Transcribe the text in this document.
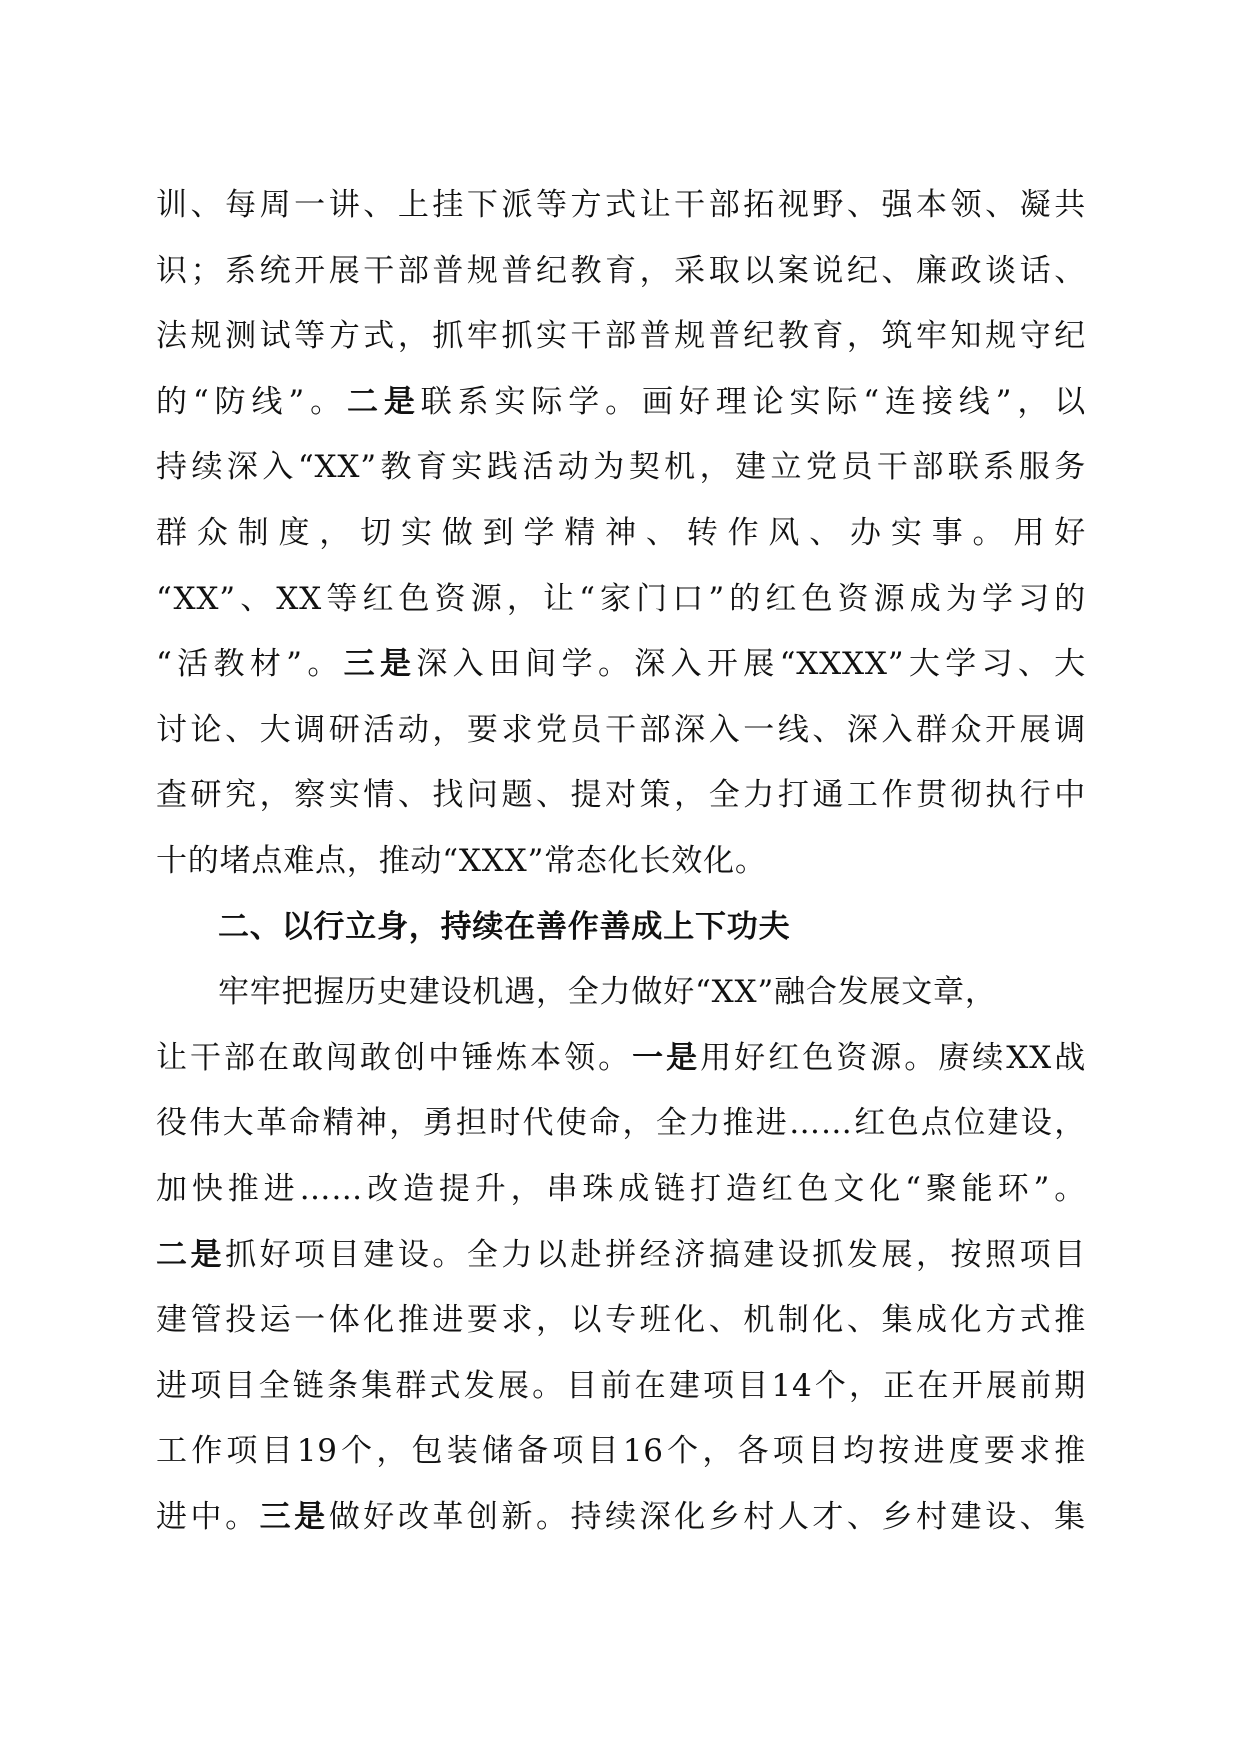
训、每周一讲、上挂下派等方式让干部拓视野、强本领、凝共
识；系统开展干部普规普纪教育，采取以案说纪、廉政谈话、
法规测试等方式，抓牢抓实干部普规普纪教育，筑牢知规守纪
的“防线”。二是联系实际学。画好理论实际“连接线”，以
持续深入“XX”教育实践活动为契机，建立党员干部联系服务
群众制度，切实做到学精神、转作风、办实事。用好
“XX”、XX等红色资源，让“家门口”的红色资源成为学习的
“活教材”。三是深入田间学。深入开展“XXXX”大学习、大
讨论、大调研活动，要求党员干部深入一线、深入群众开展调
查研究，察实情、找问题、提对策，全力打通工作贯彻执行中
十的堵点难点，推动“XXX”常态化长效化。
二、以行立身，持续在善作善成上下功夫
牢牢把握历史建设机遇，全力做好“XX”融合发展文章，
让干部在敢闯敢创中锤炼本领。一是用好红色资源。赓续XX战
役伟大革命精神，勇担时代使命，全力推进……红色点位建设，
加快推进……改造提升，串珠成链打造红色文化“聚能环”。
二是抓好项目建设。全力以赴拼经济搞建设抓发展，按照项目
建管投运一体化推进要求，以专班化、机制化、集成化方式推
进项目全链条集群式发展。目前在建项目14个，正在开展前期
工作项目19个，包装储备项目16个，各项目均按进度要求推
进中。三是做好改革创新。持续深化乡村人才、乡村建设、集
